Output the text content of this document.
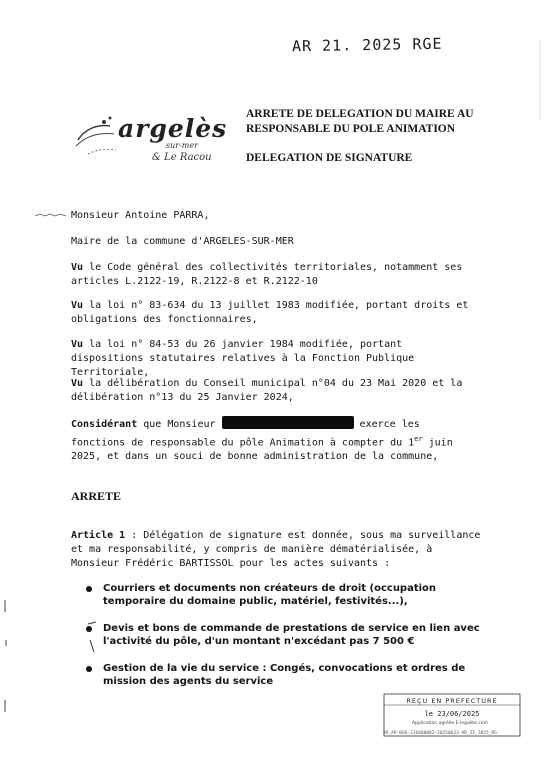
AR 21. 2025 RGE
argelès
sur-mer
& Le Racou
ARRETE DE DELEGATION DU MAIRE AU RESPONSABLE DU POLE ANIMATION
DELEGATION DE SIGNATURE
Monsieur Antoine PARRA,
Maire de la commune d'ARGELES-SUR-MER
Vu le Code général des collectivités territoriales, notamment ses articles L.2122-19, R.2122-8 et R.2122-10
Vu la loi n° 83-634 du 13 juillet 1983 modifiée, portant droits et obligations des fonctionnaires,
Vu la loi n° 84-53 du 26 janvier 1984 modifiée, portant dispositions statutaires relatives à la Fonction Publique Territoriale,
Vu la délibération du Conseil municipal n°04 du 23 Mai 2020 et la délibération n°13 du 25 Janvier 2024,
Considérant que Monsieur	exerce les fonctions de responsable du pôle Animation à compter du 1er juin 2025, et dans un souci de bonne administration de la commune,
ARRETE
Article 1 : Délégation de signature est donnée, sous ma surveillance et ma responsabilité, y compris de manière dématérialisée, à Monsieur Frédéric BARTISSOL pour les actes suivants :
Courriers et documents non créateurs de droit (occupation temporaire du domaine public, matériel, festivités...),
Devis et bons de commande de prestations de service en lien avec l'activité du pôle, d'un montant n'excédant pas 7 500 €
Gestion de la vie du service : Congés, convocations et ordres de mission des agents du service
REÇU EN PREFECTURE
le 23/06/2025
Application agréée E-legalite.com
99_AR-066-216600082-20250623-AR_21_2025_RG
